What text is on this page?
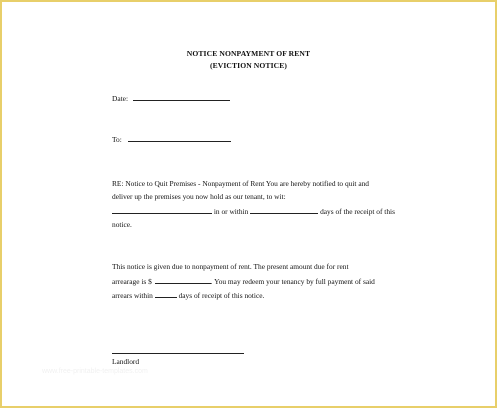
NOTICE NONPAYMENT OF RENT
(EVICTION NOTICE)
Date:
To:
RE: Notice to Quit Premises - Nonpayment of Rent You are hereby notified to quit and
deliver up the premises you now hold as our tenant, to wit:
in or within	days of the receipt of this
notice.
This notice is given due to nonpayment of rent. The present amount due for rent
arrearage is $	. You may redeem your tenancy by full payment of said
arrears within	days of receipt of this notice.
Landlord
www.free-printable-templates.com
